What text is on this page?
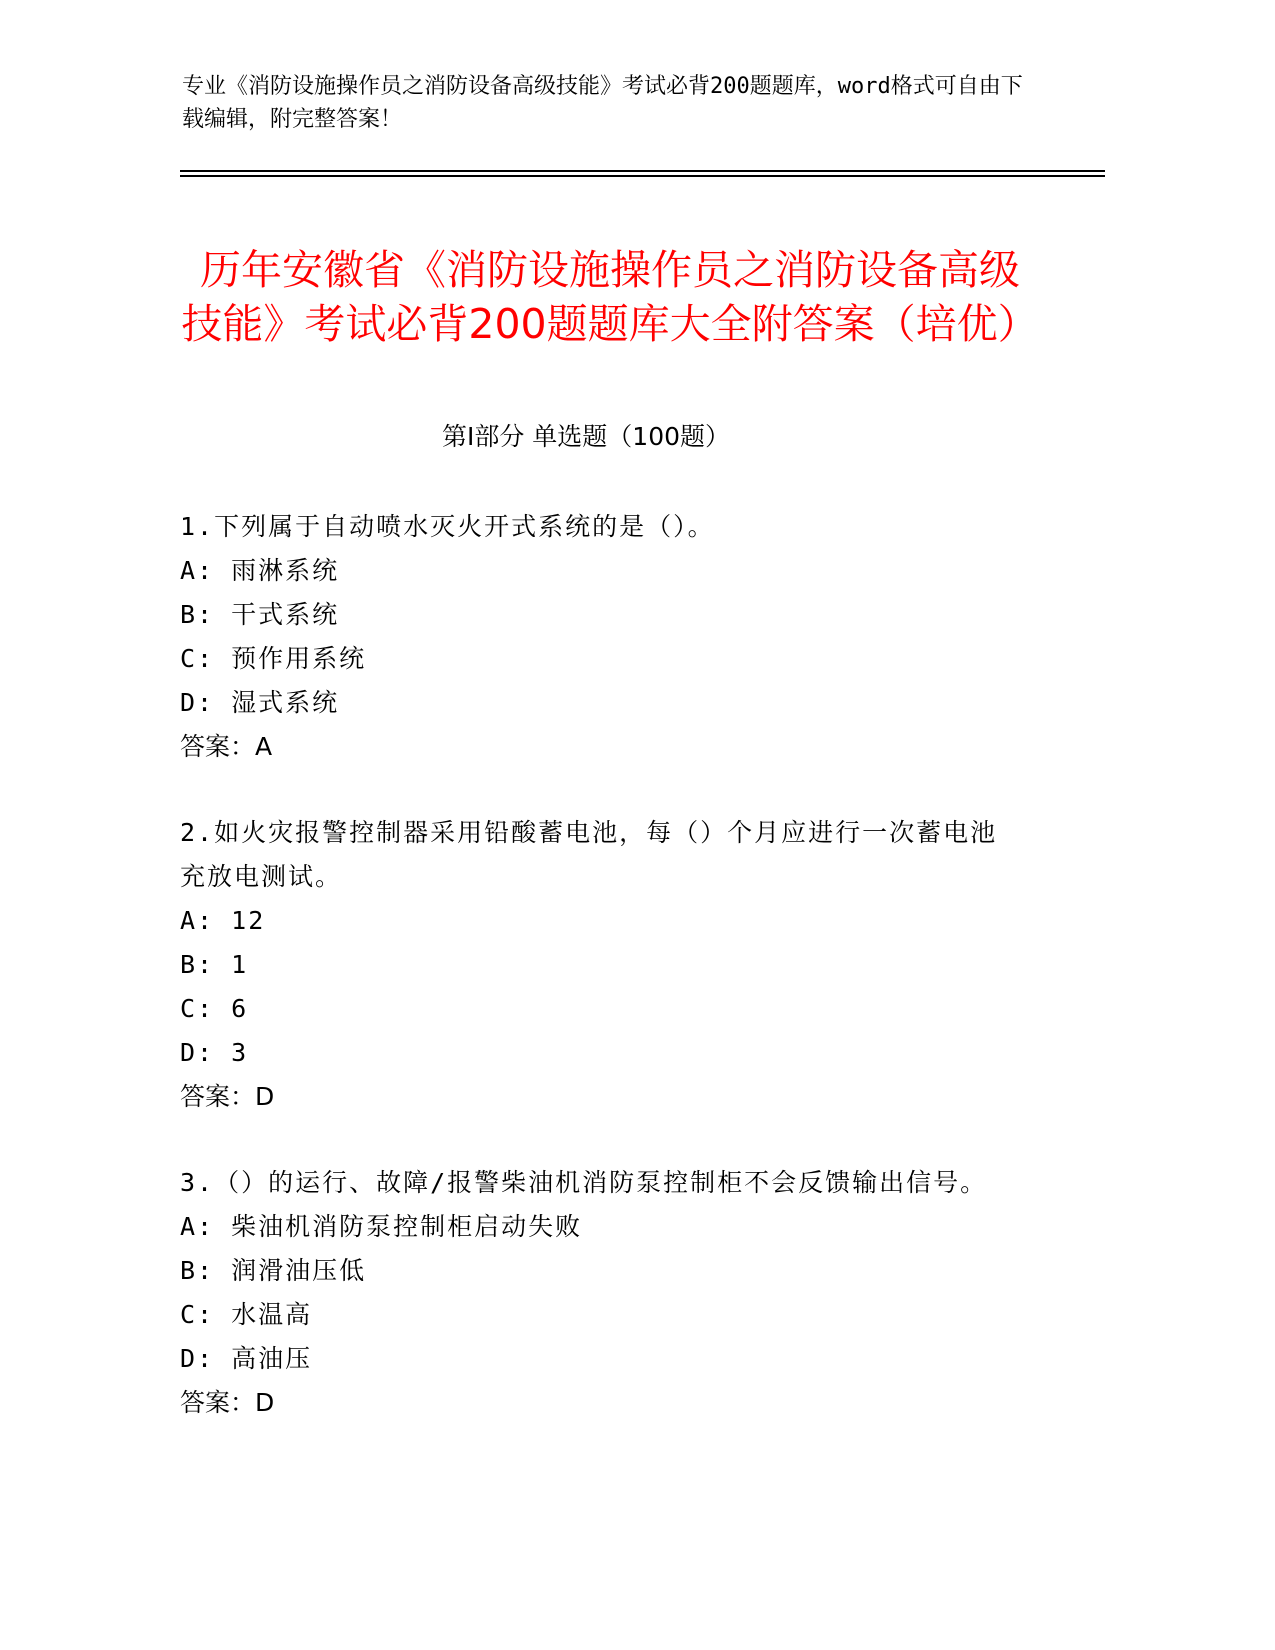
专业《消防设施操作员之消防设备高级技能》考试必背200题题库，word格式可自由下载编辑，附完整答案！
历年安徽省《消防设施操作员之消防设备高级技能》考试必背200题题库大全附答案（培优）
第I部分 单选题（100题）
1.下列属于自动喷水灭火开式系统的是（）。
A: 雨淋系统
B: 干式系统
C: 预作用系统
D: 湿式系统
答案：A
2.如火灾报警控制器采用铅酸蓄电池，每（）个月应进行一次蓄电池充放电测试。
A: 12
B: 1
C: 6
D: 3
答案：D
3.（）的运行、故障/报警柴油机消防泵控制柜不会反馈输出信号。
A: 柴油机消防泵控制柜启动失败
B: 润滑油压低
C: 水温高
D: 高油压
答案：D
